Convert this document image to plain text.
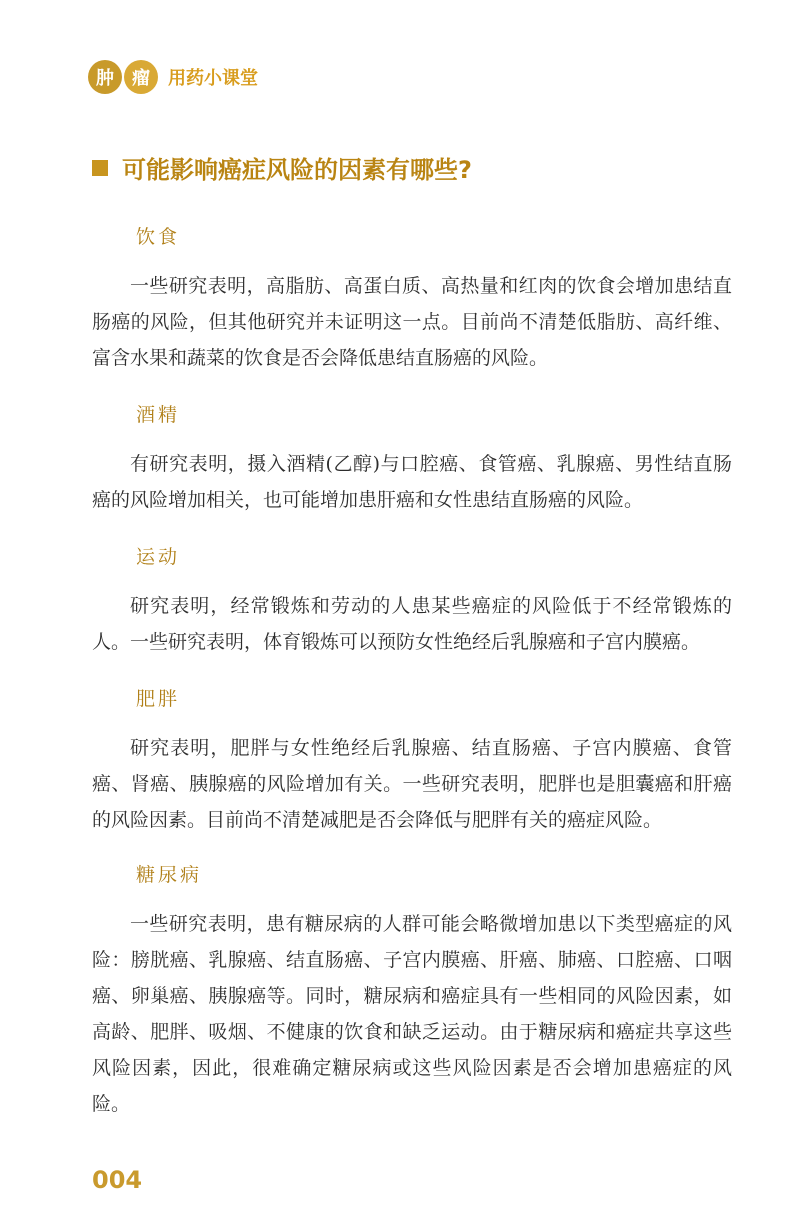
肿	瘤	用药小课堂
可能影响癌症风险的因素有哪些?
饮食

一些研究表明，高脂肪、高蛋白质、高热量和红肉的饮食会增加患结直肠癌的风险，但其他研究并未证明这一点。目前尚不清楚低脂肪、高纤维、富含水果和蔬菜的饮食是否会降低患结直肠癌的风险。

酒精

有研究表明，摄入酒精(乙醇)与口腔癌、食管癌、乳腺癌、男性结直肠癌的风险增加相关，也可能增加患肝癌和女性患结直肠癌的风险。

运动

研究表明，经常锻炼和劳动的人患某些癌症的风险低于不经常锻炼的人。一些研究表明，体育锻炼可以预防女性绝经后乳腺癌和子宫内膜癌。

肥胖

研究表明，肥胖与女性绝经后乳腺癌、结直肠癌、子宫内膜癌、食管癌、肾癌、胰腺癌的风险增加有关。一些研究表明，肥胖也是胆囊癌和肝癌的风险因素。目前尚不清楚减肥是否会降低与肥胖有关的癌症风险。

糖尿病

一些研究表明，患有糖尿病的人群可能会略微增加患以下类型癌症的风险：膀胱癌、乳腺癌、结直肠癌、子宫内膜癌、肝癌、肺癌、口腔癌、口咽癌、卵巢癌、胰腺癌等。同时，糖尿病和癌症具有一些相同的风险因素，如高龄、肥胖、吸烟、不健康的饮食和缺乏运动。由于糖尿病和癌症共享这些风险因素，因此，很难确定糖尿病或这些风险因素是否会增加患癌症的风险。

004
